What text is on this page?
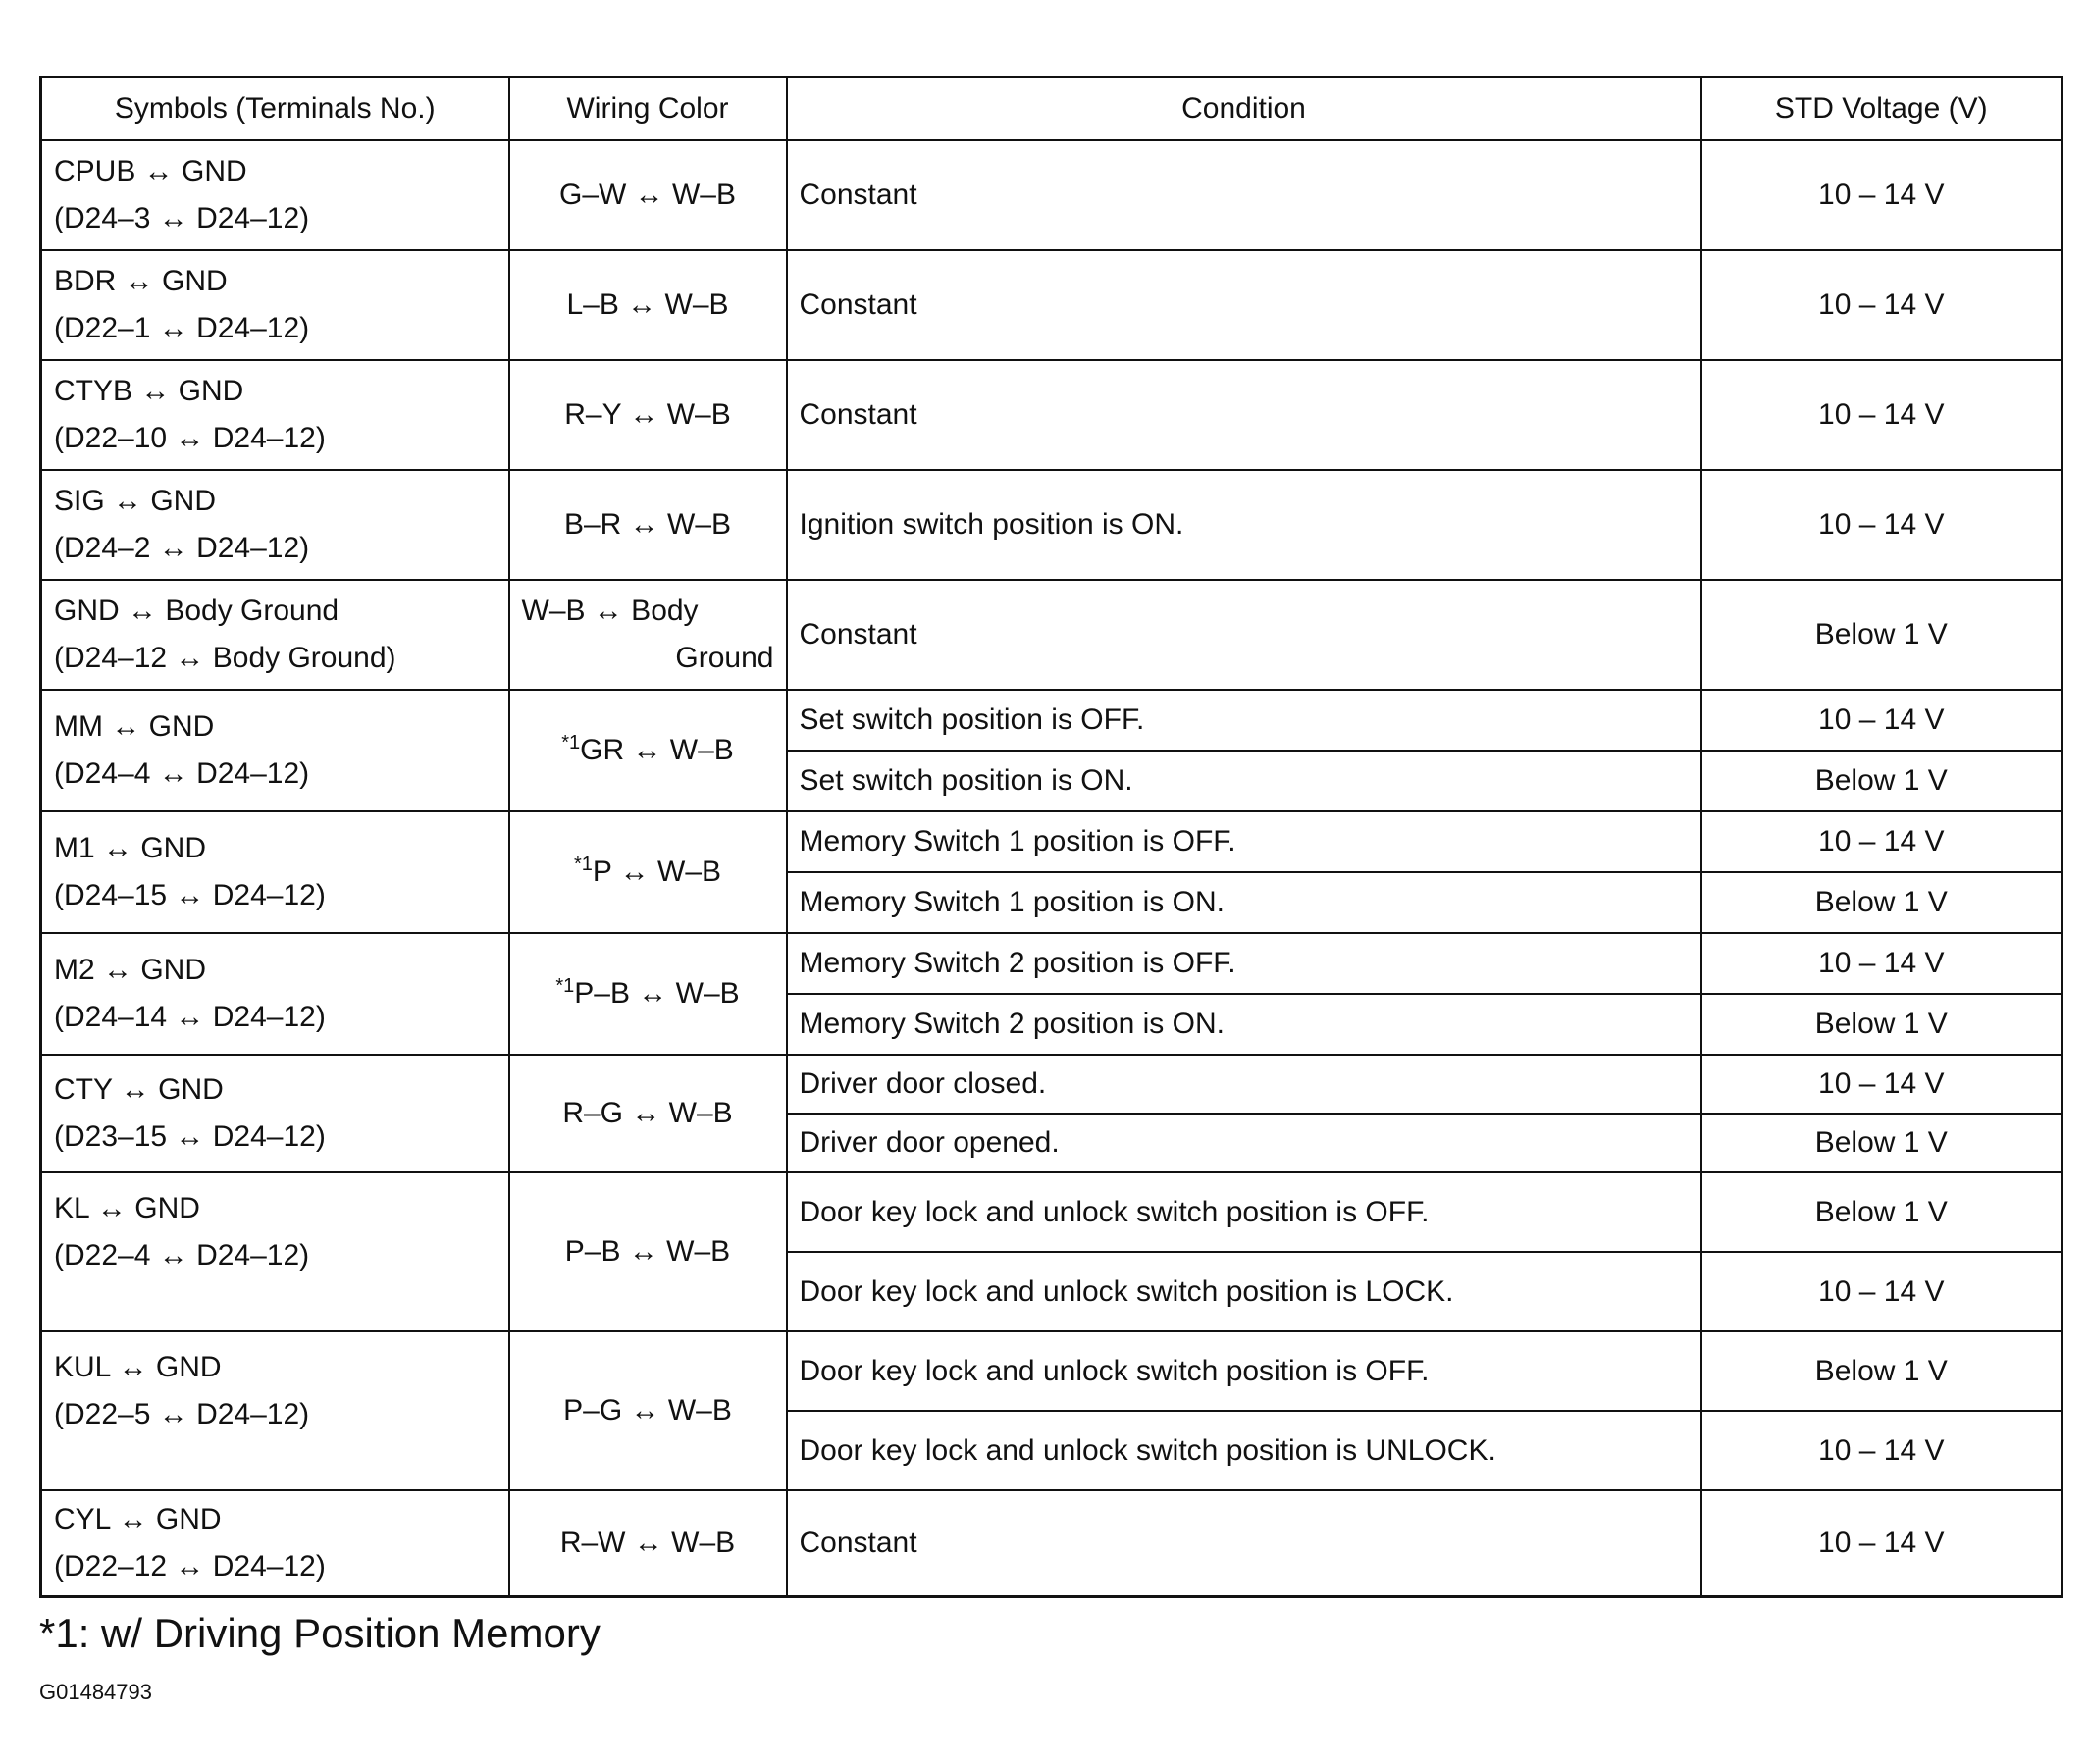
Symbols (Terminals No.)	Wiring Color	Condition	STD Voltage (V)

CPUB ↔ GND
(D24–3 ↔ D24–12)	G–W ↔ W–B	Constant	10 – 14 V

BDR ↔ GND
(D22–1 ↔ D24–12)	L–B ↔ W–B	Constant	10 – 14 V

CTYB ↔ GND
(D22–10 ↔ D24–12)	R–Y ↔ W–B	Constant	10 – 14 V

SIG ↔ GND
(D24–2 ↔ D24–12)	B–R ↔ W–B	Ignition switch position is ON.	10 – 14 V

GND ↔ Body Ground
(D24–12 ↔ Body Ground)	W–B ↔ Body
Ground	Constant	Below 1 V

MM ↔ GND
(D24–4 ↔ D24–12)	$^{*1}$GR ↔ W–B	Set switch position is OFF.	10 – 14 V
		Set switch position is ON.	Below 1 V

M1 ↔ GND
(D24–15 ↔ D24–12)	$^{*1}$P ↔ W–B	Memory Switch 1 position is OFF.	10 – 14 V
		Memory Switch 1 position is ON.	Below 1 V

M2 ↔ GND
(D24–14 ↔ D24–12)	$^{*1}$P–B ↔ W–B	Memory Switch 2 position is OFF.	10 – 14 V
		Memory Switch 2 position is ON.	Below 1 V

CTY ↔ GND
(D23–15 ↔ D24–12)	R–G ↔ W–B	Driver door closed.	10 – 14 V
		Driver door opened.	Below 1 V

KL ↔ GND
(D22–4 ↔ D24–12)	P–B ↔ W–B	Door key lock and unlock switch position is OFF.	Below 1 V
		Door key lock and unlock switch position is LOCK.	10 – 14 V

KUL ↔ GND
(D22–5 ↔ D24–12)	P–G ↔ W–B	Door key lock and unlock switch position is OFF.	Below 1 V
		Door key lock and unlock switch position is UNLOCK.	10 – 14 V

CYL ↔ GND
(D22–12 ↔ D24–12)	R–W ↔ W–B	Constant	10 – 14 V
*1: w/ Driving Position Memory
G01484793
